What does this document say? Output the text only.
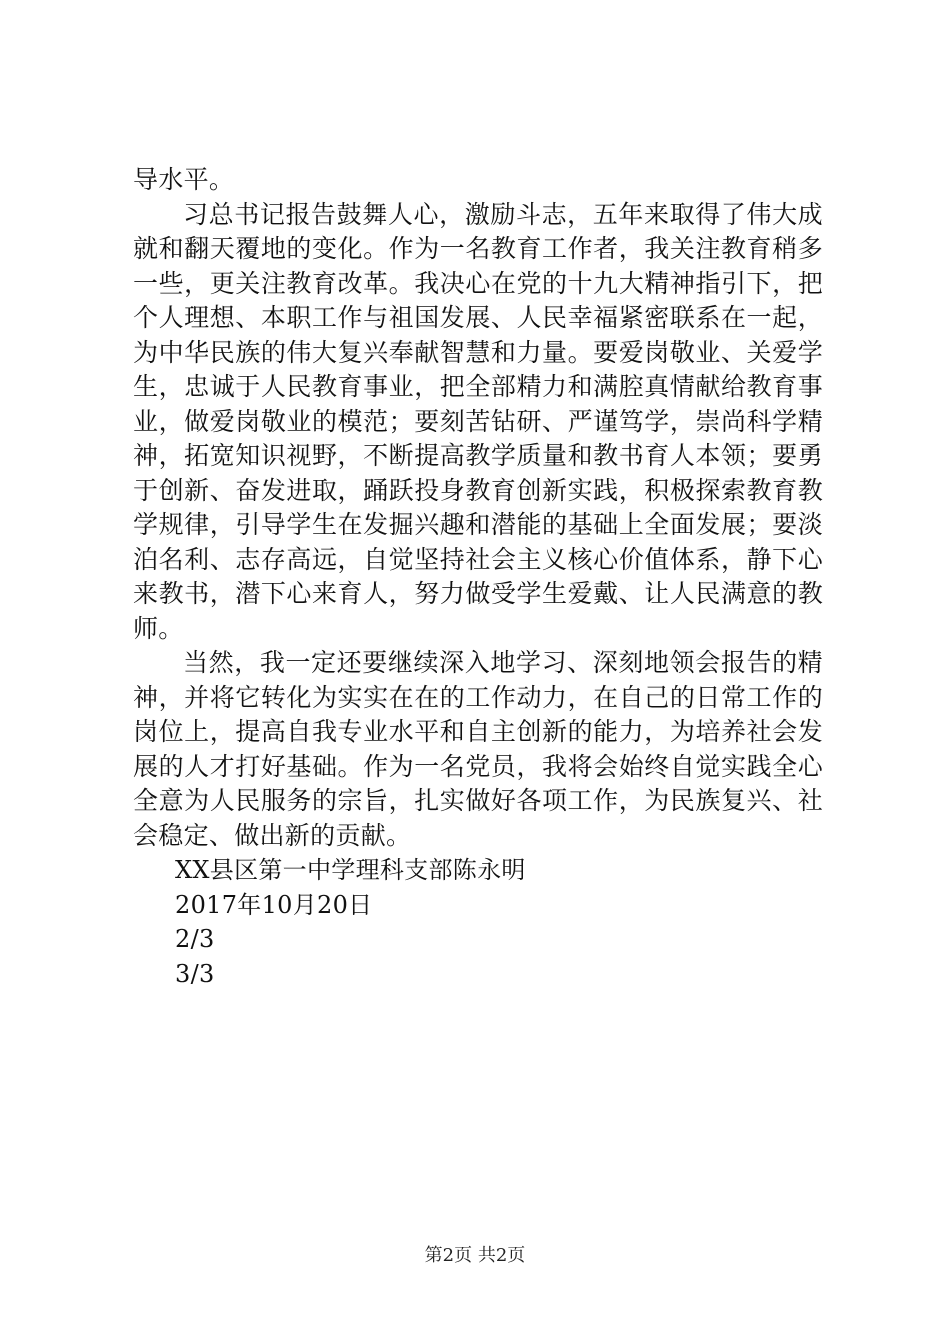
导水平。

习总书记报告鼓舞人心，激励斗志，五年来取得了伟大成就和翻天覆地的变化。作为一名教育工作者，我关注教育稍多一些，更关注教育改革。我决心在党的十九大精神指引下，把个人理想、本职工作与祖国发展、人民幸福紧密联系在一起，为中华民族的伟大复兴奉献智慧和力量。要爱岗敬业、关爱学生，忠诚于人民教育事业，把全部精力和满腔真情献给教育事业，做爱岗敬业的模范；要刻苦钻研、严谨笃学，崇尚科学精神，拓宽知识视野，不断提高教学质量和教书育人本领；要勇于创新、奋发进取，踊跃投身教育创新实践，积极探索教育教学规律，引导学生在发掘兴趣和潜能的基础上全面发展；要淡泊名利、志存高远，自觉坚持社会主义核心价值体系，静下心来教书，潜下心来育人，努力做受学生爱戴、让人民满意的教师。

当然，我一定还要继续深入地学习、深刻地领会报告的精神，并将它转化为实实在在的工作动力，在自己的日常工作的岗位上，提高自我专业水平和自主创新的能力，为培养社会发展的人才打好基础。作为一名党员，我将会始终自觉实践全心全意为人民服务的宗旨，扎实做好各项工作，为民族复兴、社会稳定、做出新的贡献。

XX县区第一中学理科支部陈永明

2017年10月20日

2/3

3/3

第2页 共2页
